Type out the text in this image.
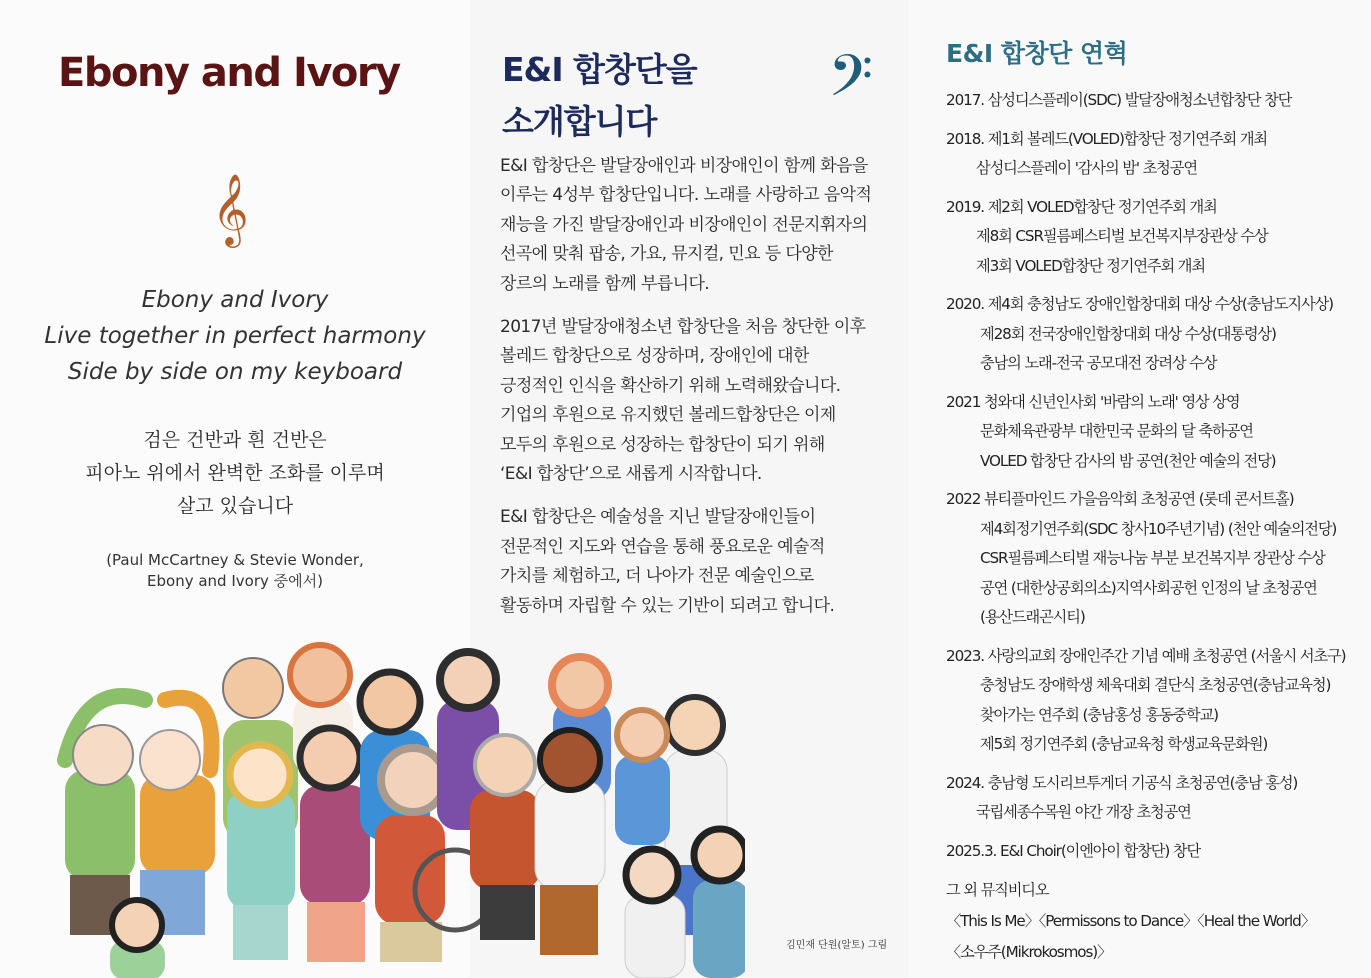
Ebony and Ivory
𝄞
Ebony and Ivory
Live together in perfect harmony
Side by side on my keyboard
검은 건반과 흰 건반은
피아노 위에서 완벽한 조화를 이루며
살고 있습니다
(Paul McCartney & Stevie Wonder,
Ebony and Ivory 중에서)
E&I 합창단을
소개합니다	𝄢

E&I 합창단은 발달장애인과 비장애인이 함께 화음을
이루는 4성부 합창단입니다. 노래를 사랑하고 음악적
재능을 가진 발달장애인과 비장애인이 전문지휘자의
선곡에 맞춰 팝송, 가요, 뮤지컬, 민요 등 다양한
장르의 노래를 함께 부릅니다.

2017년 발달장애청소년 합창단을 처음 창단한 이후
볼레드 합창단으로 성장하며, 장애인에 대한
긍정적인 인식을 확산하기 위해 노력해왔습니다.
기업의 후원으로 유지했던 볼레드합창단은 이제
모두의 후원으로 성장하는 합창단이 되기 위해
‘E&I 합창단’으로 새롭게 시작합니다.

E&I 합창단은 예술성을 지닌 발달장애인들이
전문적인 지도와 연습을 통해 풍요로운 예술적
가치를 체험하고, 더 나아가 전문 예술인으로
활동하며 자립할 수 있는 기반이 되려고 합니다.

김민재 단원(알토) 그림
E&I 합창단 연혁
2017. 삼성디스플레이(SDC) 발달장애청소년합창단 창단
2018. 제1회 볼레드(VOLED)합창단 정기연주회 개최
삼성디스플레이 '감사의 밤' 초청공연
2019. 제2회 VOLED합창단 정기연주회 개최
제8회 CSR필름페스티벌 보건복지부장관상 수상
제3회 VOLED합창단 정기연주회 개최
2020. 제4회 충청남도 장애인합창대회 대상 수상(충남도지사상)
제28회 전국장애인합창대회 대상 수상(대통령상)
충남의 노래-전국 공모대전 장려상 수상
2021 청와대 신년인사회 '바람의 노래' 영상 상영
문화체육관광부 대한민국 문화의 달 축하공연
VOLED 합창단 감사의 밤 공연(천안 예술의 전당)
2022 뷰티플마인드 가을음악회 초청공연 (롯데 콘서트홀)
제4회정기연주회(SDC 창사10주년기념) (천안 예술의전당)
CSR필름페스티벌 재능나눔 부분 보건복지부 장관상 수상
공연 (대한상공회의소)지역사회공헌 인정의 날 초청공연
(용산드래곤시티)
2023. 사랑의교회 장애인주간 기념 예배 초청공연 (서울시 서초구)
충청남도 장애학생 체육대회 결단식 초청공연(충남교육청)
찾아가는 연주회 (충남홍성 홍동중학교)
제5회 정기연주회 (충남교육청 학생교육문화원)
2024. 충남형 도시리브투게더 기공식 초청공연(충남 홍성)
국립세종수목원 야간 개장 초청공연
2025.3. E&I Choir(이엔아이 합창단) 창단
그 외 뮤직비디오
〈This Is Me〉〈Permissons to Dance〉〈Heal the World〉
〈소우주(Mikrokosmos)〉
